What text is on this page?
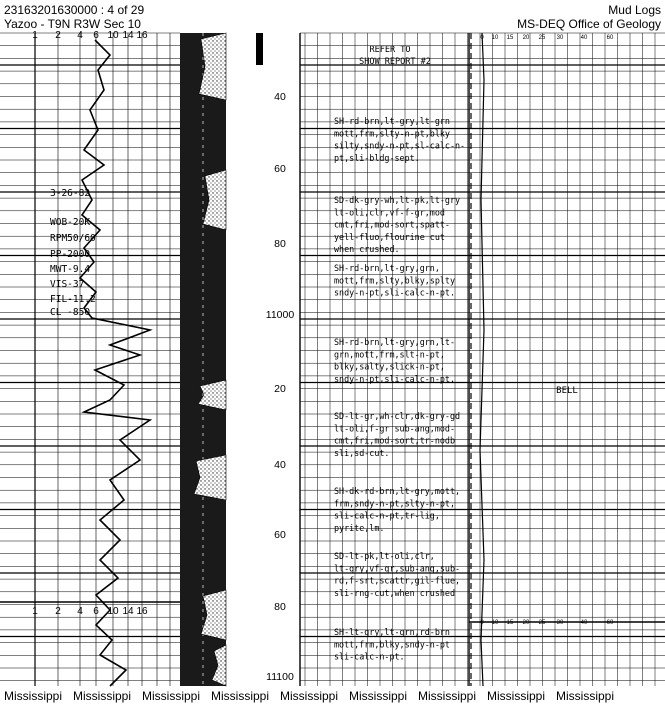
23163201630000 : 4 of 29
Yazoo - T9N R3W Sec 10
Mud Logs
MS-DEQ Office of Geology
1 2 4 6 10 14 16
1 2 4 6 10 14 16
0 10 15 20 25 30	40	60
0 10 15 20 25 30	40	60
3-26-82
WOB-20K
RPM50/60
PP-2000
MWT-9.4
VIS-37
FIL-11.2
CL -850
40
60
80
11000
20
40
60
80
11100
REFER TO
SHOW REPORT #2
BELL
SH-rd-brn,lt-gry,lt-grn
mott,frm,slty-n-pt,blky
silty,sndy-n-pt,sl-calc-n-
pt,sli-bldg-sept.
SD-dk-gry-wh,lt-pk,lt-gry
lt-oli,clr,vf-f-gr,mod
cmt,fri,mod-sort,spatt-
yell-fluo,flourine cut
when crushed.
SH-rd-brn,lt-gry,grn,
mott,frm,slty,blky,splty
sndy-n-pt,sli-calc-n-pt.
SH-rd-brn,lt-gry,grn,lt-
grn,mott,frm,slt-n-pt,
blky,salty,slick-n-pt,
sndy-n-pt,sli-calc-n-pt.
SD-lt-gr,wh-clr,dk-gry-gd
lt-oli,f-gr sub-ang,mod-
cmt,fri,mod-sort,tr-nodb
sli,sd-cut.
SH-dk-rd-brn,lt-gry,mott,
frm,sndy-n-pt,slty-n-pt,
sli-calc-n-pt,tr-lig,
pyrite,lm.
SD-lt-pk,lt-oli,clr,
lt-gry,vf-gr,sub-ang,sub-
rd,f-srt,scattr,gil-flue,
sli-rng-cut,when crushed
SH-lt-gry,lt-grn,rd-brn
mott,frm,blky,sndy-n-pt
sli-calc-n-pt.
Mississippi Mississippi Mississippi Mississippi Mississippi Mississippi Mississippi Mississippi Mississippi
